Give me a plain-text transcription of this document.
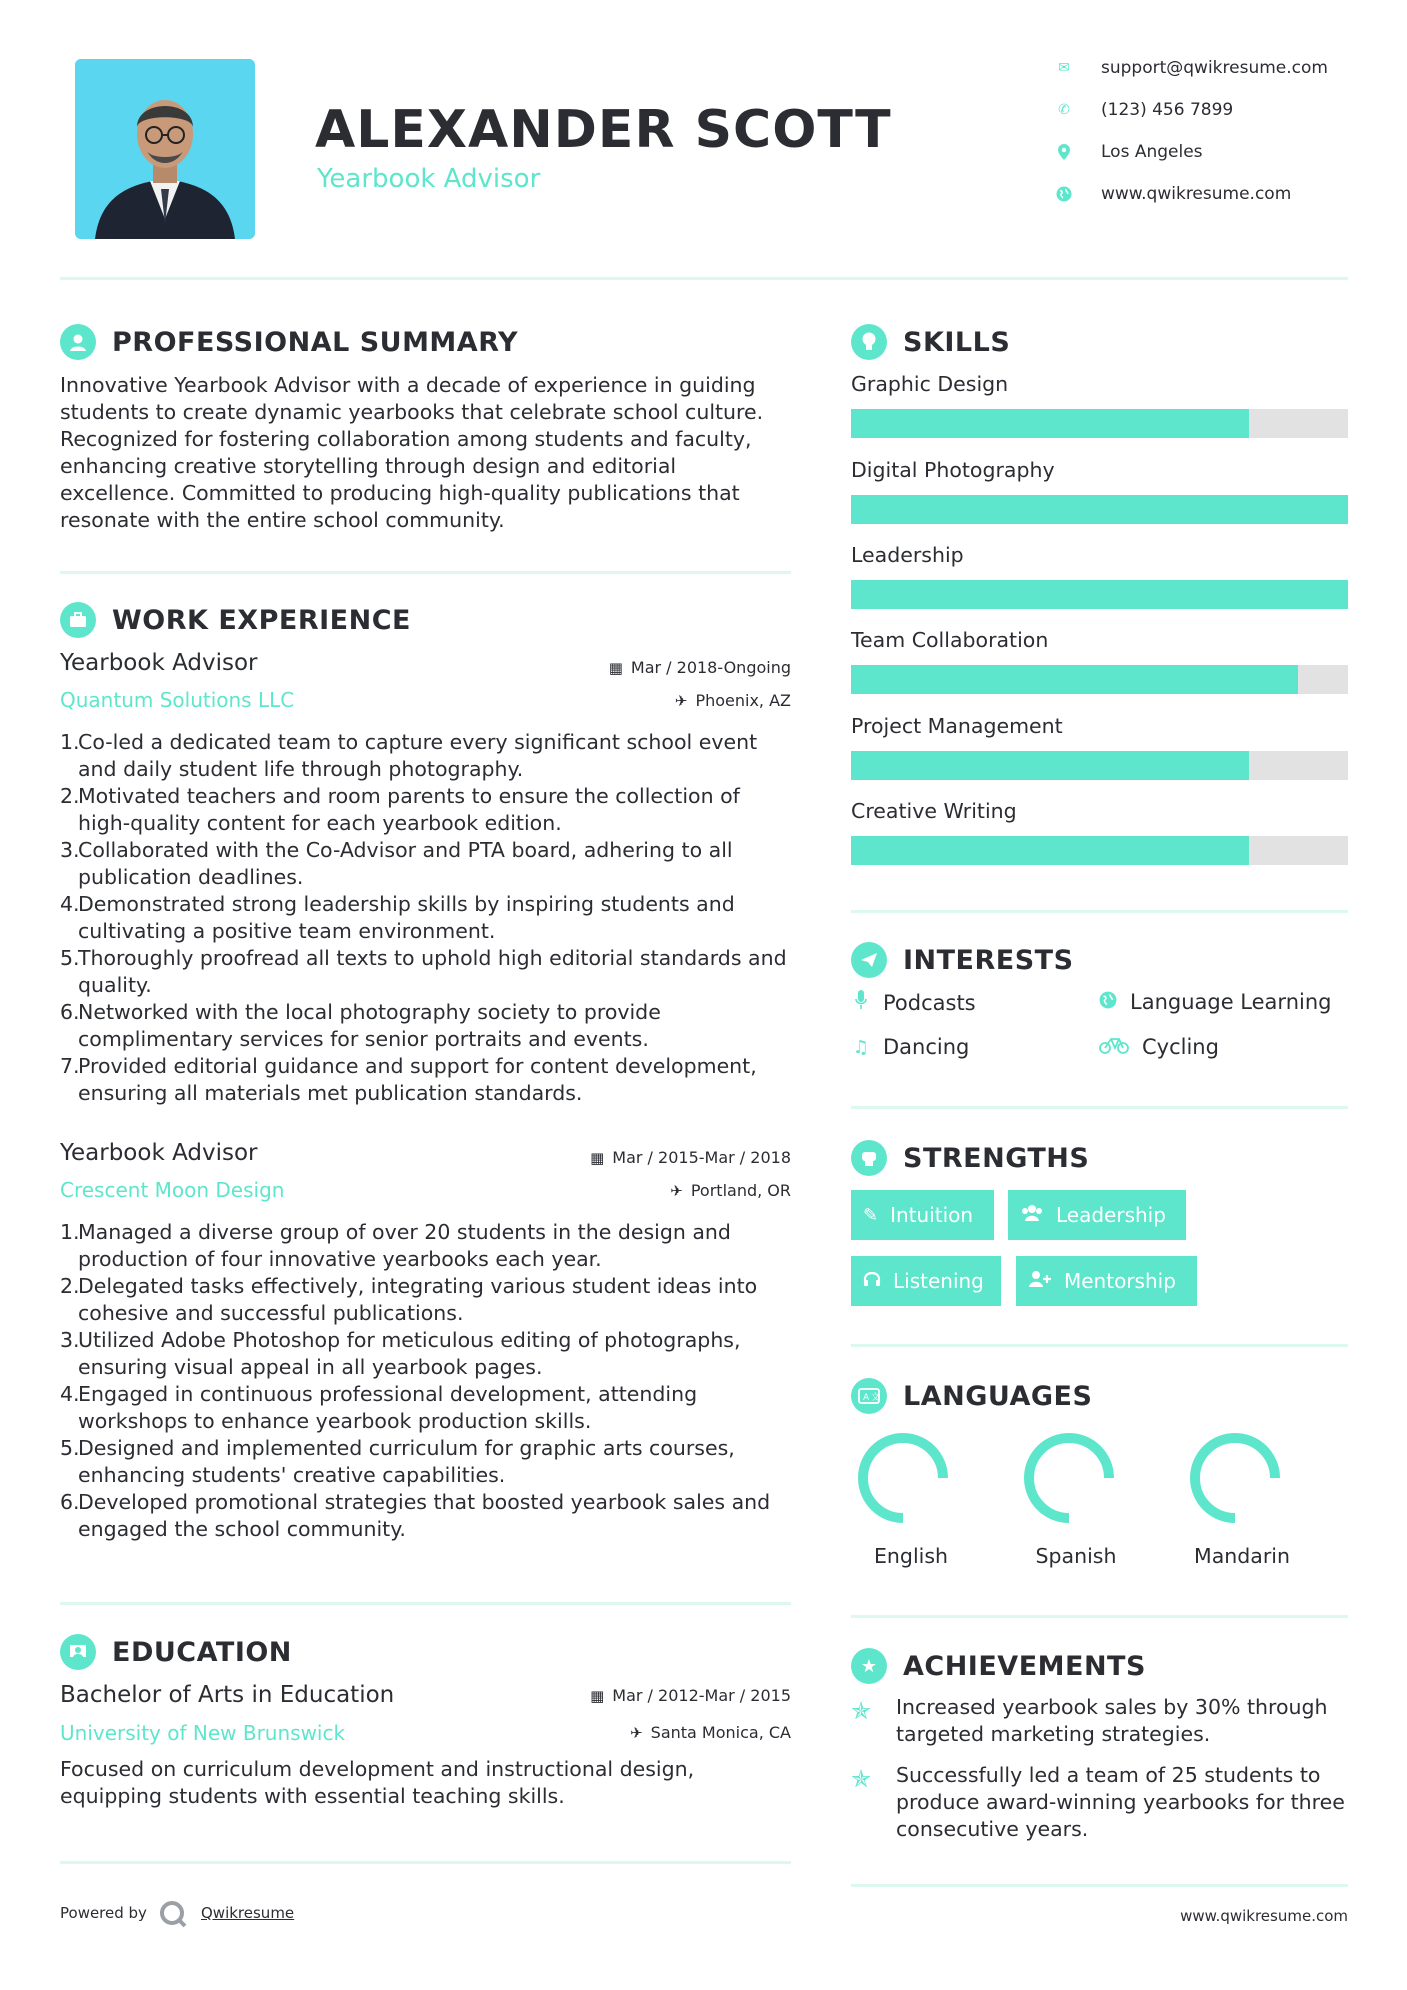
ALEXANDER SCOTT
Yearbook Advisor
✉ support@qwikresume.com
✆ (123) 456 7899
Los Angeles
www.qwikresume.com
PROFESSIONAL SUMMARY
Innovative Yearbook Advisor with a decade of experience in guiding students to create dynamic yearbooks that celebrate school culture. Recognized for fostering collaboration among students and faculty, enhancing creative storytelling through design and editorial excellence. Committed to producing high-quality publications that resonate with the entire school community.
WORK EXPERIENCE
Yearbook Advisor
Quantum Solutions LLC
▦ Mar / 2018-Ongoing
✈ Phoenix, AZ
1.Co-led a dedicated team to capture every significant school event and daily student life through photography.
2.Motivated teachers and room parents to ensure the collection of high-quality content for each yearbook edition.
3.Collaborated with the Co-Advisor and PTA board, adhering to all publication deadlines.
4.Demonstrated strong leadership skills by inspiring students and cultivating a positive team environment.
5.Thoroughly proofread all texts to uphold high editorial standards and quality.
6.Networked with the local photography society to provide complimentary services for senior portraits and events.
7.Provided editorial guidance and support for content development, ensuring all materials met publication standards.
Yearbook Advisor
Crescent Moon Design
▦ Mar / 2015-Mar / 2018
✈ Portland, OR
1.Managed a diverse group of over 20 students in the design and production of four innovative yearbooks each year.
2.Delegated tasks effectively, integrating various student ideas into cohesive and successful publications.
3.Utilized Adobe Photoshop for meticulous editing of photographs, ensuring visual appeal in all yearbook pages.
4.Engaged in continuous professional development, attending workshops to enhance yearbook production skills.
5.Designed and implemented curriculum for graphic arts courses, enhancing students' creative capabilities.
6.Developed promotional strategies that boosted yearbook sales and engaged the school community.
EDUCATION
Bachelor of Arts in Education
University of New Brunswick
▦ Mar / 2012-Mar / 2015
✈ Santa Monica, CA
Focused on curriculum development and instructional design, equipping students with essential teaching skills.
SKILLS
Graphic Design
Digital Photography
Leadership
Team Collaboration
Project Management
Creative Writing
INTERESTS
Podcasts	Language Learning
♫ Dancing	Cycling
STRENGTHS
✎ Intuition	Leadership
Listening	Mentorship
A 文 LANGUAGES
English	Spanish	Mandarin
★ ACHIEVEMENTS
✯ Increased yearbook sales by 30% through targeted marketing strategies.
✯ Successfully led a team of 25 students to produce award-winning yearbooks for three consecutive years.
Powered by	Qwikresume	www.qwikresume.com
